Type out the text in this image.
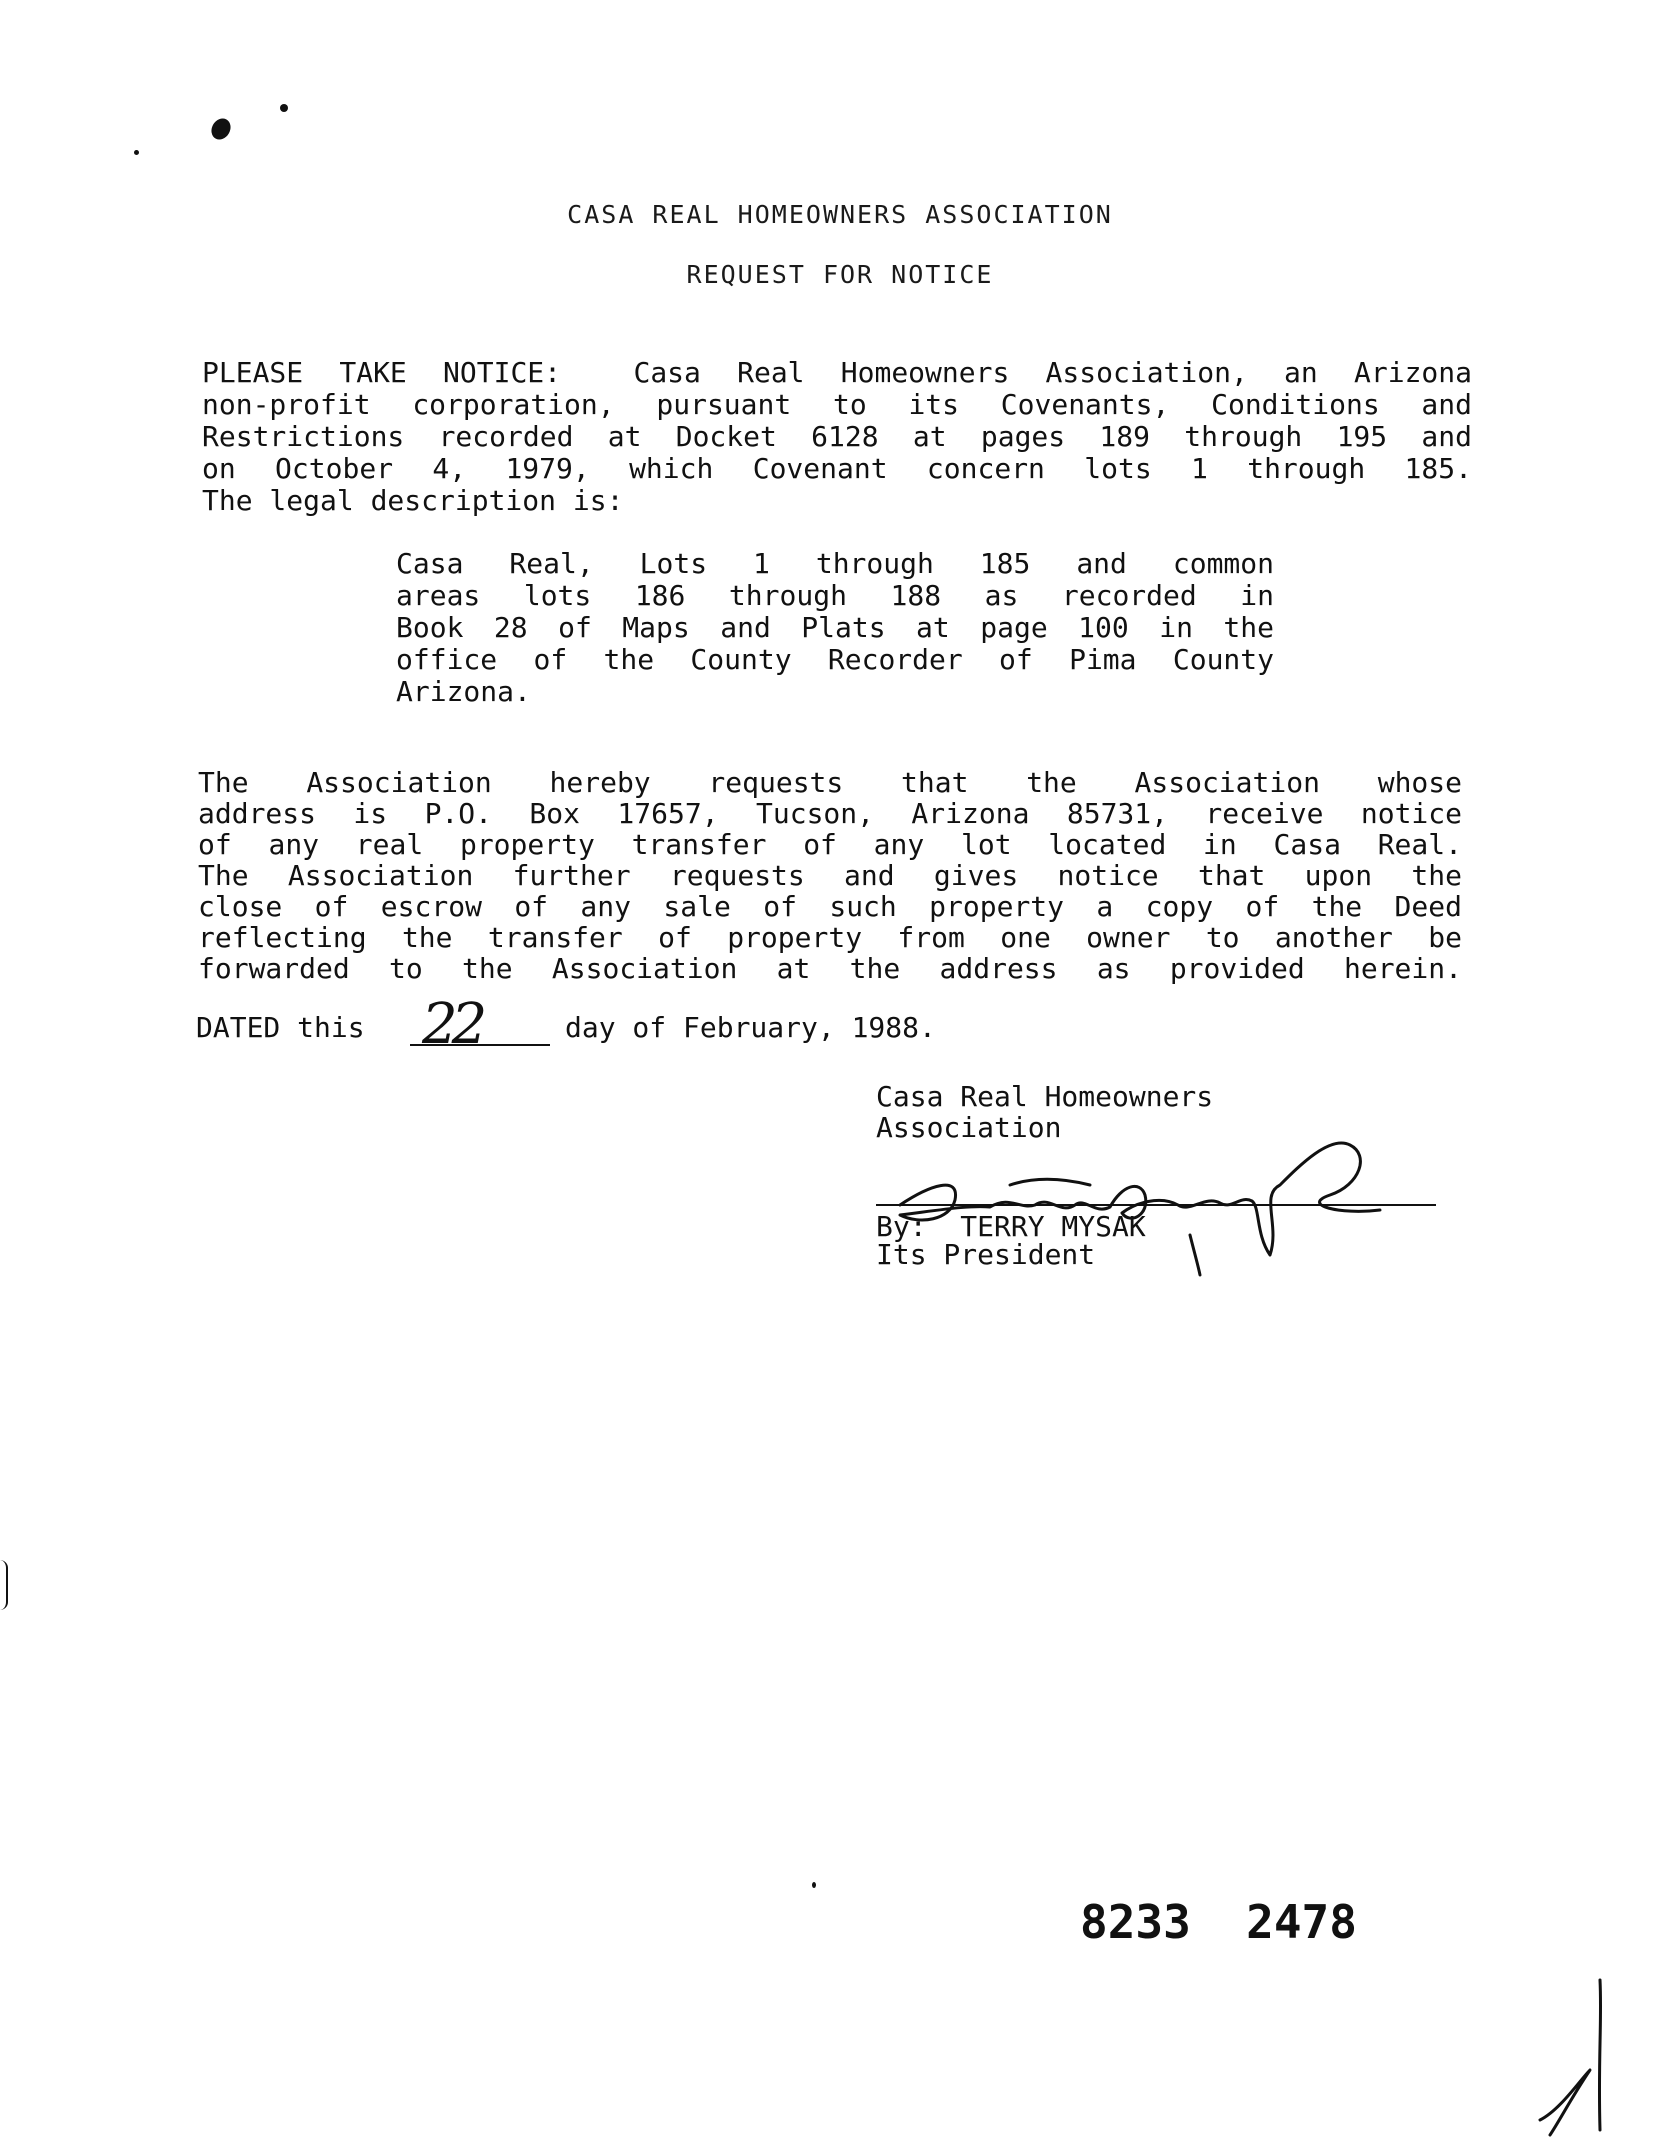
CASA REAL HOMEOWNERS ASSOCIATION
REQUEST FOR NOTICE
PLEASE TAKE NOTICE:  Casa Real Homeowners Association, an Arizona
non-profit corporation, pursuant to its Covenants, Conditions and
Restrictions recorded at Docket 6128 at pages 189 through 195 and
on October 4, 1979, which Covenant concern lots 1 through 185.
The legal description is:
Casa Real, Lots 1 through 185 and common
areas lots 186 through 188 as recorded in
Book 28 of Maps and Plats at page 100 in the
office of the County Recorder of Pima County
Arizona.
The Association hereby requests that the Association whose
address is P.O. Box 17657, Tucson, Arizona 85731, receive notice
of any real property transfer of any lot located in Casa Real.
The Association further requests and gives notice that upon the
close of escrow of any sale of such property a copy of the Deed
reflecting the transfer of property from one owner to another be
forwarded to the Association at the address as provided herein.
DATED this 22	day of February, 1988.
Casa Real Homeowners
Association
By:  TERRY MYSAK
Its President
8233  2478
